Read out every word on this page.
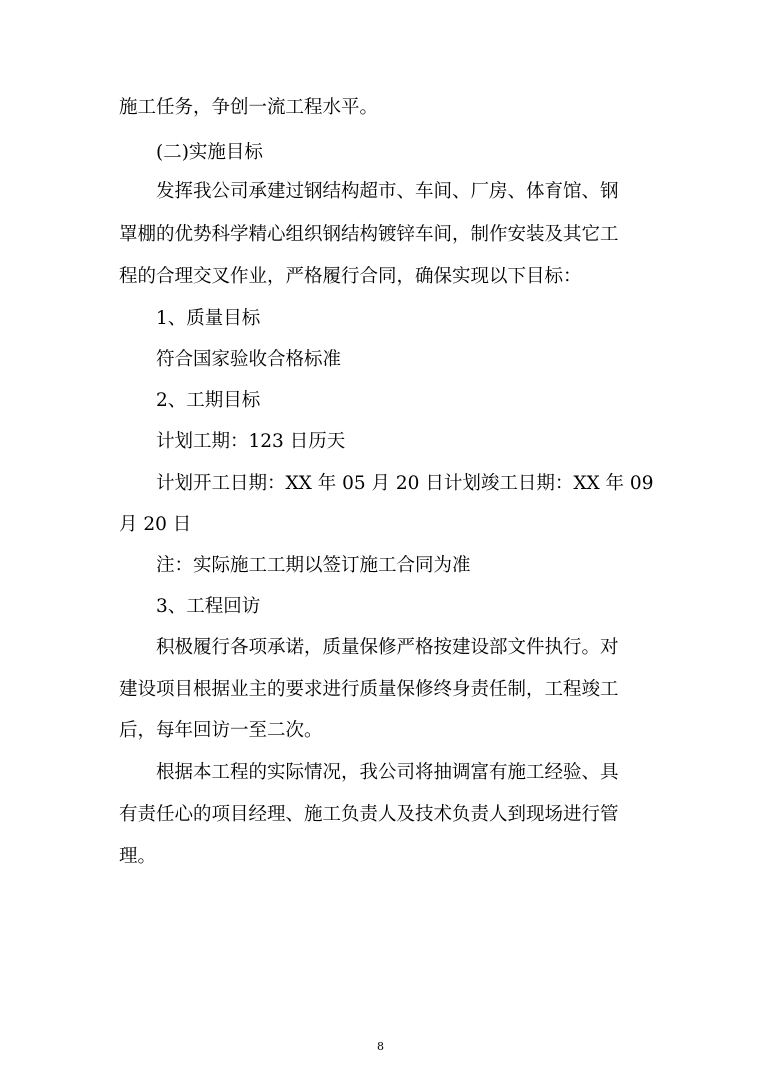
施工任务，争创一流工程水平。
(二)实施目标
发挥我公司承建过钢结构超市、车间、厂房、体育馆、钢
罩棚的优势科学精心组织钢结构镀锌车间，制作安装及其它工
程的合理交叉作业，严格履行合同，确保实现以下目标：
1、质量目标
符合国家验收合格标准
2、工期目标
计划工期：123 日历天
计划开工日期：XX 年 05 月 20 日计划竣工日期：XX 年 09
月 20 日
注：实际施工工期以签订施工合同为准
3、工程回访
积极履行各项承诺，质量保修严格按建设部文件执行。对
建设项目根据业主的要求进行质量保修终身责任制，工程竣工
后，每年回访一至二次。
根据本工程的实际情况，我公司将抽调富有施工经验、具
有责任心的项目经理、施工负责人及技术负责人到现场进行管
理。
8
